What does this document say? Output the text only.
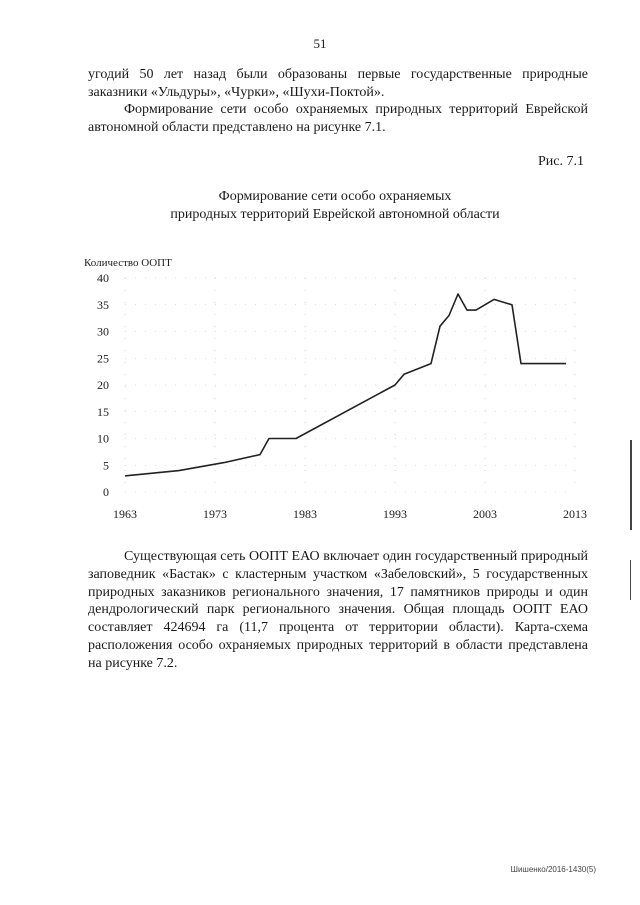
51

угодий 50 лет назад были образованы первые государственные природные заказники «Ульдуры», «Чурки», «Шухи-Поктой».

Формирование сети особо охраняемых природных территорий Еврейской автономной области представлено на рисунке 7.1.

Рис. 7.1
Формирование сети особо охраняемых
природных территорий Еврейской автономной области
Количество ООПТ
0
5
10
15
20
25
30
35
40
1963	1973	1983	1993	2003	2013

Существующая сеть ООПТ ЕАО включает один государственный природный заповедник «Бастак» с кластерным участком «Забеловский», 5 государственных природных заказников регионального значения, 17 памятников природы и один дендрологический парк регионального значения. Общая площадь ООПТ ЕАО составляет 424694 га (11,7 процента от территории области). Карта-схема расположения особо охраняемых природных территорий в области представлена на рисунке 7.2.

Шишенко/2016-1430(5)
